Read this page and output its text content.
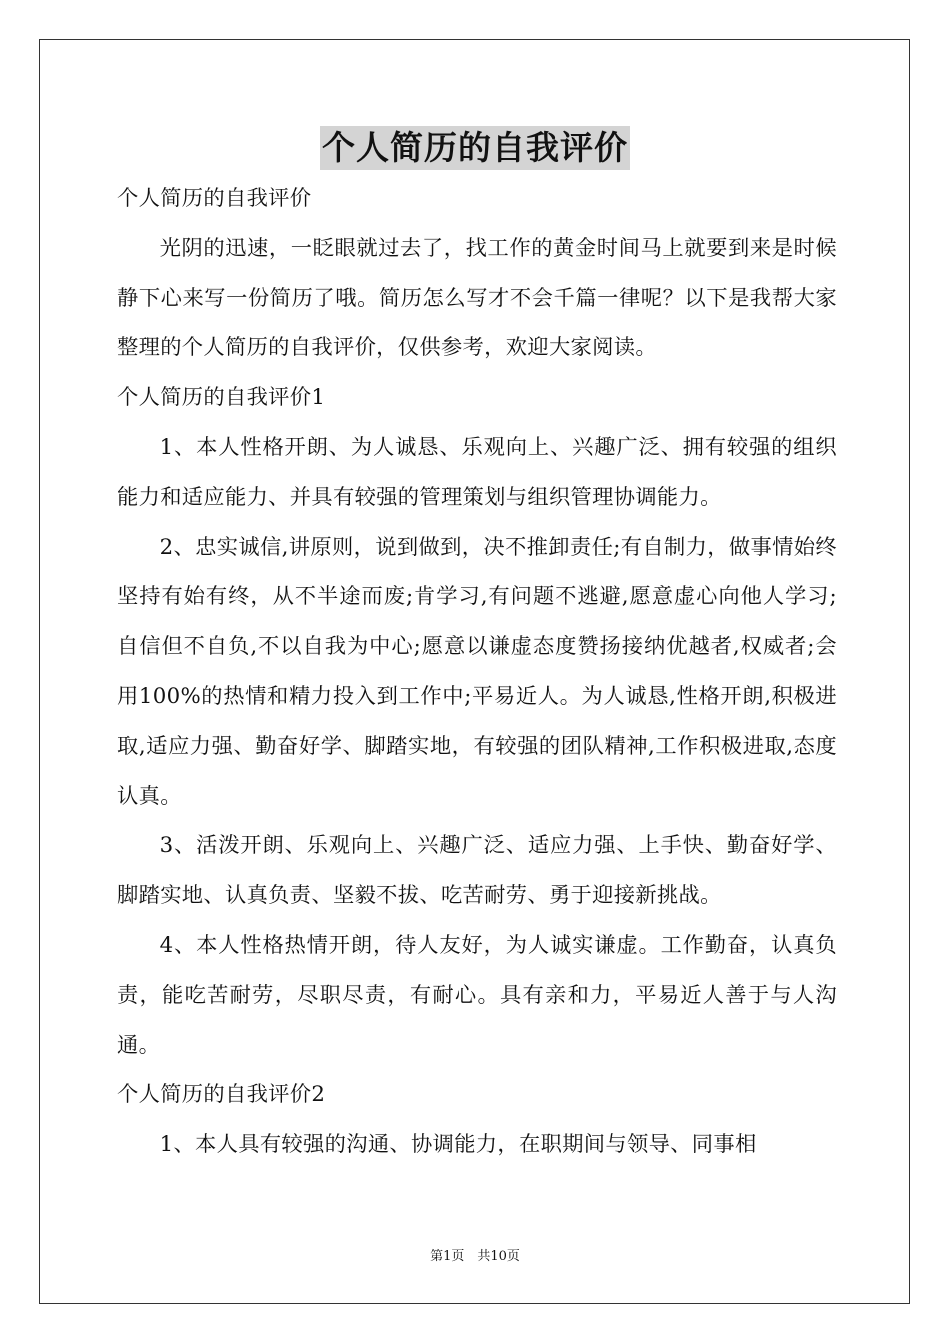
个人简历的自我评价

个人简历的自我评价

光阴的迅速，一眨眼就过去了，找工作的黄金时间马上就要到来是时候静下心来写一份简历了哦。简历怎么写才不会千篇一律呢？以下是我帮大家整理的个人简历的自我评价，仅供参考，欢迎大家阅读。

个人简历的自我评价1

1、本人性格开朗、为人诚恳、乐观向上、兴趣广泛、拥有较强的组织能力和适应能力、并具有较强的管理策划与组织管理协调能力。

2、忠实诚信,讲原则，说到做到，决不推卸责任;有自制力，做事情始终坚持有始有终，从不半途而废;肯学习,有问题不逃避,愿意虚心向他人学习;自信但不自负,不以自我为中心;愿意以谦虚态度赞扬接纳优越者,权威者;会用100%的热情和精力投入到工作中;平易近人。为人诚恳,性格开朗,积极进取,适应力强、勤奋好学、脚踏实地，有较强的团队精神,工作积极进取,态度认真。

3、活泼开朗、乐观向上、兴趣广泛、适应力强、上手快、勤奋好学、脚踏实地、认真负责、坚毅不拔、吃苦耐劳、勇于迎接新挑战。

4、本人性格热情开朗，待人友好，为人诚实谦虚。工作勤奋，认真负责，能吃苦耐劳，尽职尽责，有耐心。具有亲和力，平易近人善于与人沟通。

个人简历的自我评价2

1、本人具有较强的沟通、协调能力，在职期间与领导、同事相

第1页　共10页
